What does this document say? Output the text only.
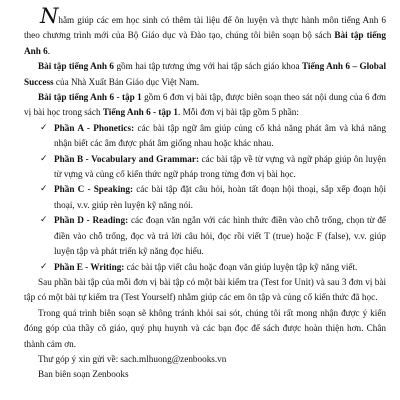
Nhằm giúp các em học sinh có thêm tài liệu để ôn luyện và thực hành môn tiếng Anh 6 theo chương trình mới của Bộ Giáo dục và Đào tạo, chúng tôi biên soạn bộ sách Bài tập tiếng Anh 6.

Bài tập tiếng Anh 6 gồm hai tập tương ứng với hai tập sách giáo khoa Tiếng Anh 6 – Global Success của Nhà Xuất Bản Giáo dục Việt Nam.

Bài tập tiếng Anh 6 - tập 1 gồm 6 đơn vị bài tập, được biên soạn theo sát nội dung của 6 đơn vị bài học trong sách Tiếng Anh 6 - tập 1. Mỗi đơn vị bài tập gồm 5 phần:

✓ Phần A - Phonetics: các bài tập ngữ âm giúp củng cố khả năng phát âm và khả năng nhận biết các âm được phát âm giống nhau hoặc khác nhau.
✓ Phần B - Vocabulary and Grammar: các bài tập về từ vựng và ngữ pháp giúp ôn luyện từ vựng và củng cố kiến thức ngữ pháp trong từng đơn vị bài học.
✓ Phần C - Speaking: các bài tập đặt câu hỏi, hoàn tất đoạn hội thoại, sắp xếp đoạn hội thoại, v.v. giúp rèn luyện kỹ năng nói.
✓ Phần D - Reading: các đoạn văn ngắn với các hình thức điền vào chỗ trống, chọn từ để điền vào chỗ trống, đọc và trả lời câu hỏi, đọc rồi viết T (true) hoặc F (false), v.v. giúp luyện tập và phát triển kỹ năng đọc hiểu.
✓ Phần E - Writing: các bài tập viết câu hoặc đoạn văn giúp luyện tập kỹ năng viết.

Sau phần bài tập của mỗi đơn vị bài tập có một bài kiểm tra (Test for Unit) và sau 3 đơn vị bài tập có một bài tự kiểm tra (Test Yourself) nhằm giúp các em ôn tập và củng cố kiến thức đã học.

Trong quá trình biên soạn sẽ không tránh khỏi sai sót, chúng tôi rất mong nhận được ý kiến đóng góp của thầy cô giáo, quý phụ huynh và các bạn đọc để sách được hoàn thiện hơn. Chân thành cảm ơn.

Thư góp ý xin gửi về: sach.mlhuong@zenbooks.vn

Ban biên soạn Zenbooks
